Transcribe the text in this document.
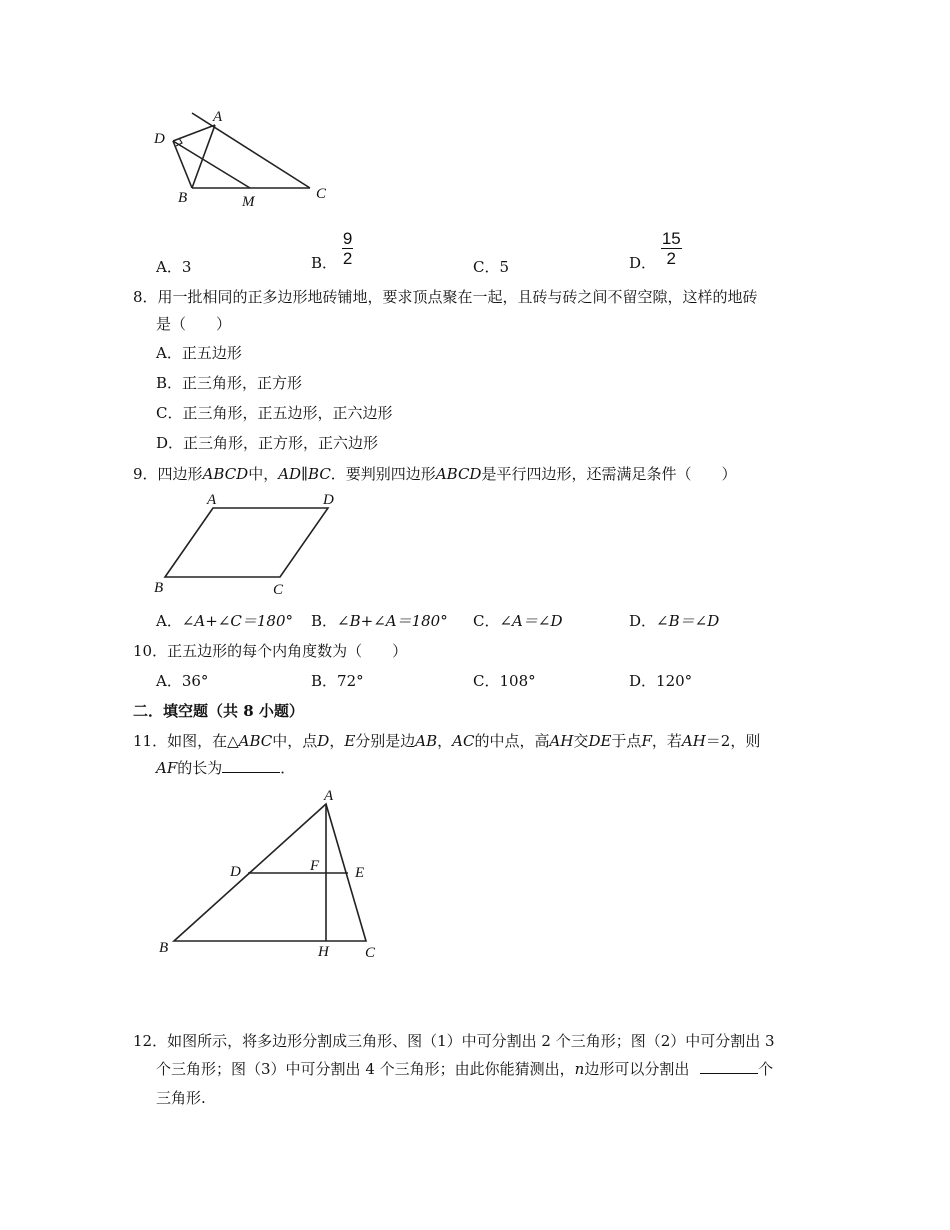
A
D
B	M	C
A．3	B． $\frac{9}{2}$	C．5	D． $\frac{15}{2}$
8．用一批相同的正多边形地砖铺地，要求顶点聚在一起，且砖与砖之间不留空隙，这样的地砖
是（　　）
A．正五边形
B．正三角形，正方形
C．正三角形，正五边形，正六边形
D．正三角形，正方形，正六边形
9．四边形ABCD中，AD∥BC．要判别四边形ABCD是平行四边形，还需满足条件（　　）
A	D
B	C
A．∠A+∠C＝180° B．∠B+∠A＝180° C．∠A＝∠D	D．∠B＝∠D
10．正五边形的每个内角度数为（　　）
A．36°	B．72°	C．108°	D．120°
二．填空题（共 8 小题）
11．如图，在△ABC中，点D，E分别是边AB，AC的中点，高AH交DE于点F，若AH＝2，则
AF的长为	．
A
D	F E
B	H C
12．如图所示，将多边形分割成三角形、图（1）中可分割出 2 个三角形；图（2）中可分割出 3
个三角形；图（3）中可分割出 4 个三角形；由此你能猜测出，n边形可以分割出	个
三角形.
